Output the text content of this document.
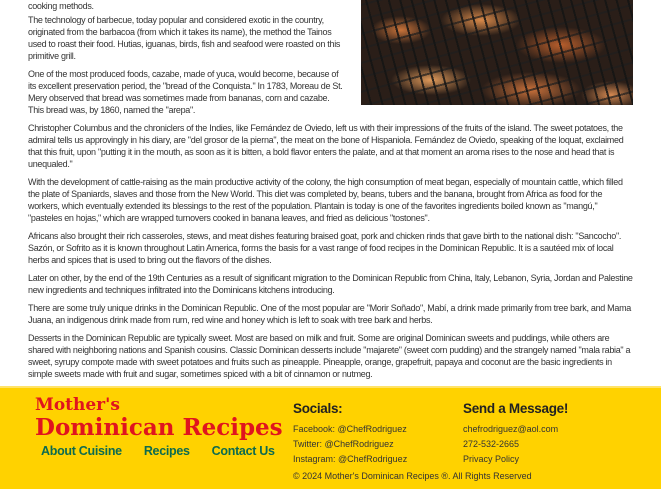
cooking methods.

The technology of barbecue, today popular and considered exotic in the country, originated from the barbacoa (from which it takes its name), the method the Tainos used to roast their food. Hutias, iguanas, birds, fish and seafood were roasted on this primitive grill.

One of the most produced foods, cazabe, made of yuca, would become, because of its excellent preservation period, the "bread of the Conquista." In 1783, Moreau de St. Mery observed that bread was sometimes made from bananas, corn and cazabe. This bread was, by 1860, named the "arepa".

Christopher Columbus and the chroniclers of the Indies, like Fernández de Oviedo, left us with their impressions of the fruits of the island. The sweet potatoes, the admiral tells us approvingly in his diary, are "del grosor de la pierna", the meat on the bone of Hispaniola. Fernández de Oviedo, speaking of the loquat, exclaimed that this fruit, upon "putting it in the mouth, as soon as it is bitten, a bold flavor enters the palate, and at that moment an aroma rises to the nose and head that is unequaled."

With the development of cattle-raising as the main productive activity of the colony, the high consumption of meat began, especially of mountain cattle, which filled the plate of Spaniards, slaves and those from the New World. This diet was completed by, beans, tubers and the banana, brought from Africa as food for the workers, which eventually extended its blessings to the rest of the population. Plantain is today is one of the favorites ingredients boiled known as "mangú," "pasteles en hojas," which are wrapped turnovers cooked in banana leaves, and fried as delicious "tostones".

Africans also brought their rich casseroles, stews, and meat dishes featuring braised goat, pork and chicken rinds that gave birth to the national dish: "Sancocho". Sazón, or Sofrito as it is known throughout Latin America, forms the basis for a vast range of food recipes in the Dominican Republic. It is a sautéed mix of local herbs and spices that is used to bring out the flavors of the dishes.

Later on other, by the end of the 19th Centuries as a result of significant migration to the Dominican Republic from China, Italy, Lebanon, Syria, Jordan and Palestine new ingredients and techniques infiltrated into the Dominicans kitchens introducing.

There are some truly unique drinks in the Dominican Republic. One of the most popular are "Morir Soñado", Mabí, a drink made primarily from tree bark, and Mama Juana, an indigenous drink made from rum, red wine and honey which is left to soak with tree bark and herbs.

Desserts in the Dominican Republic are typically sweet. Most are based on milk and fruit. Some are original Dominican sweets and puddings, while others are shared with neighboring nations and Spanish cousins. Classic Dominican desserts include "majarete" (sweet corn pudding) and the strangely named "mala rabia" a sweet, syrupy compote made with sweet potatoes and fruits such as pineapple. Pineapple, orange, grapefruit, papaya and coconut are the basic ingredients in simple sweets made with fruit and sugar, sometimes spiced with a bit of cinnamon or nutmeg.

Mother's
Dominican Recipes
About Cuisine Recipes Contact Us
Socials:
Facebook: @ChefRodriguez
Twitter: @ChefRodriguez
Instagram: @ChefRodriguez
Send a Message!
chefrodriguez@aol.com
272-532-2665
Privacy Policy
© 2024 Mother's Dominican Recipes ®. All Rights Reserved
